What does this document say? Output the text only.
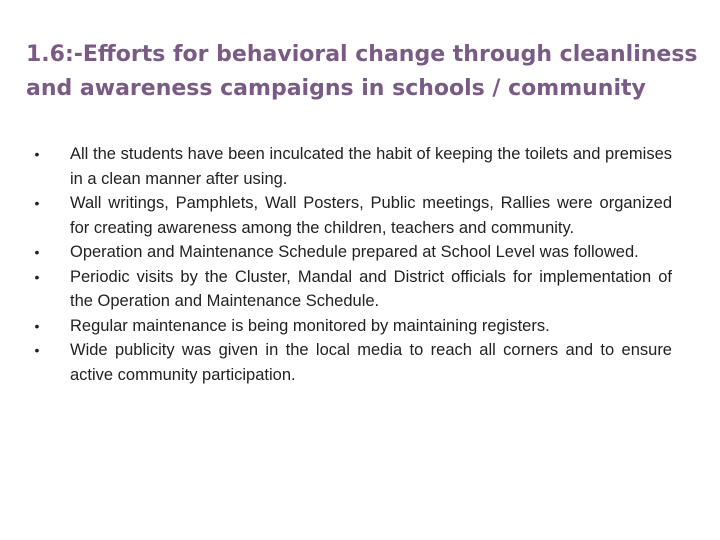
1.6:-Efforts for behavioral change through cleanliness and awareness campaigns in schools / community
• All the students have been inculcated the habit of keeping the toilets and premises in a clean manner after using.
• Wall writings, Pamphlets, Wall Posters, Public meetings, Rallies were organized for creating awareness among the children, teachers and community.
• Operation and Maintenance Schedule prepared at School Level was followed.
• Periodic visits by the Cluster, Mandal and District officials for implementation of the Operation and Maintenance Schedule.
• Regular maintenance is being monitored by maintaining registers.
• Wide publicity was given in the local media to reach all corners and to ensure active community participation.
